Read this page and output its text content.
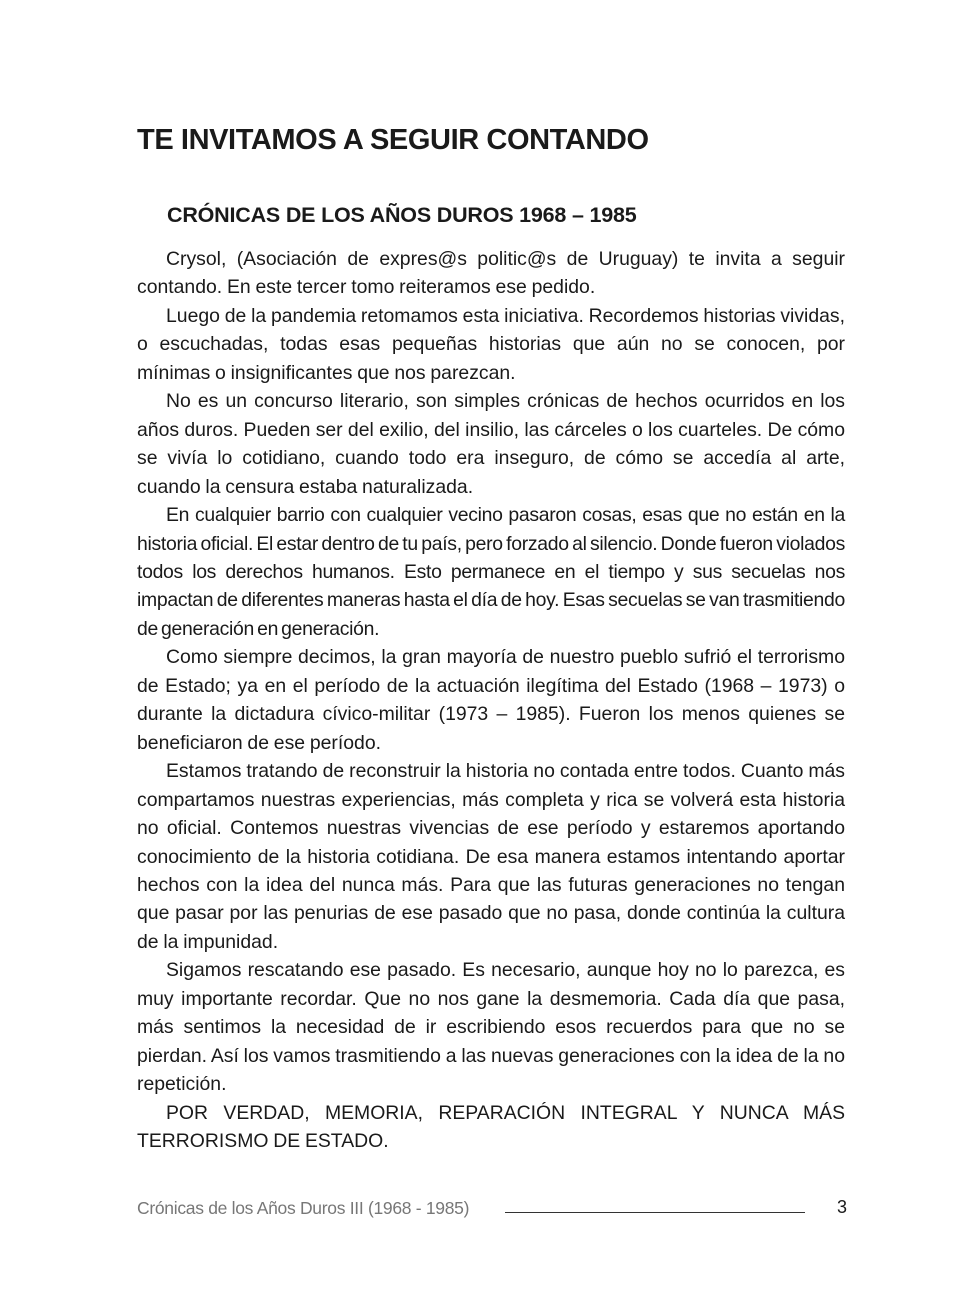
TE INVITAMOS A SEGUIR CONTANDO
CRÓNICAS DE LOS AÑOS DUROS 1968 – 1985

Crysol, (Asociación de expres@s politic@s de Uruguay) te invita a seguir contando. En este tercer tomo reiteramos ese pedido.

Luego de la pandemia retomamos esta iniciativa. Recordemos historias vividas, o escuchadas, todas esas pequeñas historias que aún no se conocen, por mínimas o insignificantes que nos parezcan.

No es un concurso literario, son simples crónicas de hechos ocurridos en los años duros. Pueden ser del exilio, del insilio, las cárceles o los cuarteles. De cómo se vivía lo cotidiano, cuando todo era inseguro, de cómo se accedía al arte, cuando la censura estaba naturalizada.

En cualquier barrio con cualquier vecino pasaron cosas, esas que no están en la historia oficial. El estar dentro de tu país, pero forzado al silencio. Donde fueron violados todos los derechos humanos. Esto permanece en el tiempo y sus secuelas nos impactan de diferentes maneras hasta el día de hoy. Esas secuelas se van trasmitiendo de generación en generación.

Como siempre decimos, la gran mayoría de nuestro pueblo sufrió el terrorismo de Estado; ya en el período de la actuación ilegítima del Estado (1968 – 1973) o durante la dictadura cívico-militar (1973 – 1985). Fueron los menos quienes se beneficiaron de ese período.

Estamos tratando de reconstruir la historia no contada entre todos. Cuanto más compartamos nuestras experiencias, más completa y rica se volverá esta historia no oficial. Contemos nuestras vivencias de ese período y estaremos aportando conocimiento de la historia cotidiana. De esa manera estamos intentando aportar hechos con la idea del nunca más. Para que las futuras generaciones no tengan que pasar por las penurias de ese pasado que no pasa, donde continúa la cultura de la impunidad.

Sigamos rescatando ese pasado. Es necesario, aunque hoy no lo parezca, es muy importante recordar. Que no nos gane la desmemoria. Cada día que pasa, más sentimos la necesidad de ir escribiendo esos recuerdos para que no se pierdan. Así los vamos trasmitiendo a las nuevas generaciones con la idea de la no repetición.

POR VERDAD, MEMORIA, REPARACIÓN INTEGRAL Y NUNCA MÁS TERRORISMO DE ESTADO.

Crónicas de los Años Duros III (1968 - 1985)	3
